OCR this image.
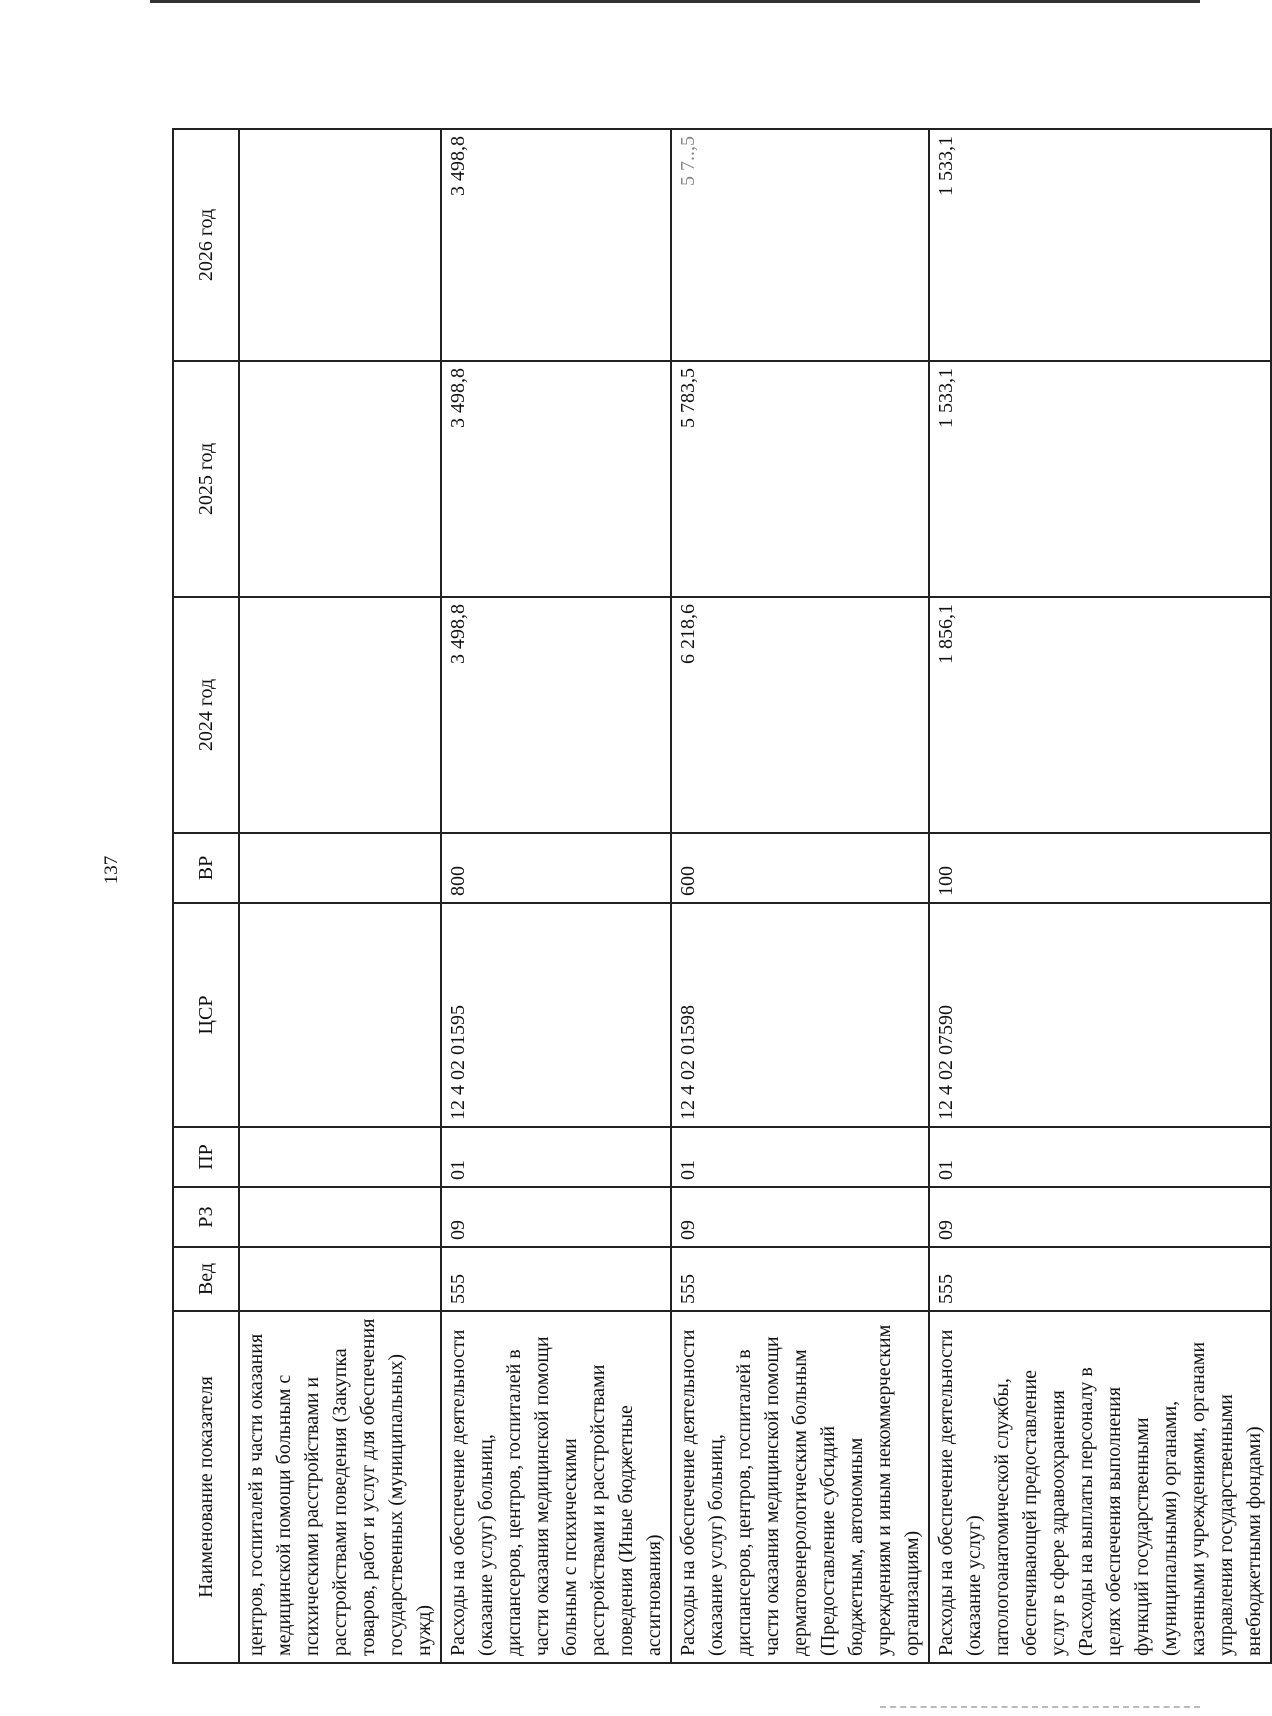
137
Наименование показателя	Вед	РЗ	ПР	ЦСР	ВР	2024 год	2025 год	2026 год
центров, госпиталей в части оказания медицинской помощи больным с психическими расстройствами и расстройствами поведения (Закупка товаров, работ и услуг для обеспечения государственных (муниципальных) нужд)								
Расходы на обеспечение деятельности (оказание услуг) больниц, диспансеров, центров, госпиталей в части оказания медицинской помощи больным с психическими расстройствами и расстройствами поведения (Иные бюджетные ассигнования)	555	09	01	12 4 02 01595	800	3 498,8	3 498,8	3 498,8
Расходы на обеспечение деятельности (оказание услуг) больниц, диспансеров, центров, госпиталей в части оказания медицинской помощи дерматовенерологическим больным (Предоставление субсидий бюджетным, автономным учреждениям и иным некоммерческим организациям)	555	09	01	12 4 02 01598	600	6 218,6	5 783,5	5 7..,5
Расходы на обеспечение деятельности (оказание услуг) патологоанатомической службы, обеспечивающей предоставление услуг в сфере здравоохранения (Расходы на выплаты персоналу в целях обеспечения выполнения функций государственными (муниципальными) органами, казенными учреждениями, органами управления государственными внебюджетными фондами)	555	09	01	12 4 02 07590	100	1 856,1	1 533,1	1 533,1
